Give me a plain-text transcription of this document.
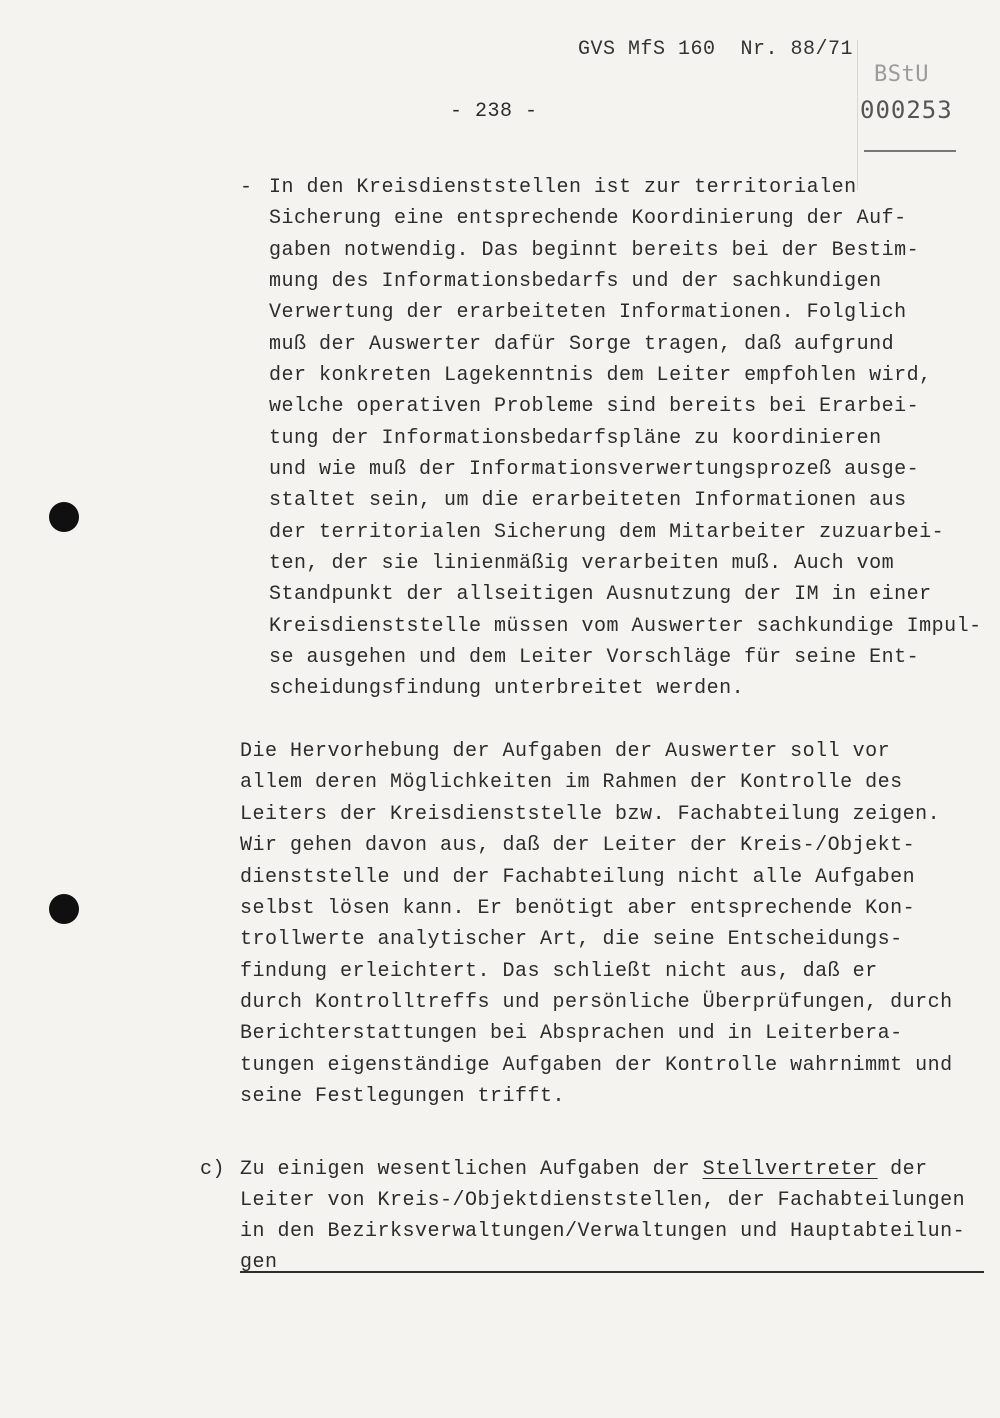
GVS MfS 160  Nr. 88/71
- 238 -
BStU
000253
- In den Kreisdienststellen ist zur territorialen
Sicherung eine entsprechende Koordinierung der Auf-
gaben notwendig. Das beginnt bereits bei der Bestim-
mung des Informationsbedarfs und der sachkundigen
Verwertung der erarbeiteten Informationen. Folglich
muß der Auswerter dafür Sorge tragen, daß aufgrund
der konkreten Lagekenntnis dem Leiter empfohlen wird,
welche operativen Probleme sind bereits bei Erarbei-
tung der Informationsbedarfspläne zu koordinieren
und wie muß der Informationsverwertungsprozeß ausge-
staltet sein, um die erarbeiteten Informationen aus
der territorialen Sicherung dem Mitarbeiter zuzuarbei-
ten, der sie linienmäßig verarbeiten muß. Auch vom
Standpunkt der allseitigen Ausnutzung der IM in einer
Kreisdienststelle müssen vom Auswerter sachkundige Impul-
se ausgehen und dem Leiter Vorschläge für seine Ent-
scheidungsfindung unterbreitet werden.
Die Hervorhebung der Aufgaben der Auswerter soll vor
allem deren Möglichkeiten im Rahmen der Kontrolle des
Leiters der Kreisdienststelle bzw. Fachabteilung zeigen.
Wir gehen davon aus, daß der Leiter der Kreis-/Objekt-
dienststelle und der Fachabteilung nicht alle Aufgaben
selbst lösen kann. Er benötigt aber entsprechende Kon-
trollwerte analytischer Art, die seine Entscheidungs-
findung erleichtert. Das schließt nicht aus, daß er
durch Kontrolltreffs und persönliche Überprüfungen, durch
Berichterstattungen bei Absprachen und in Leiterbera-
tungen eigenständige Aufgaben der Kontrolle wahrnimmt und
seine Festlegungen trifft.
c) Zu einigen wesentlichen Aufgaben der Stellvertreter der
Leiter von Kreis-/Objektdienststellen, der Fachabteilungen
in den Bezirksverwaltungen/Verwaltungen und Hauptabteilun-
gen
